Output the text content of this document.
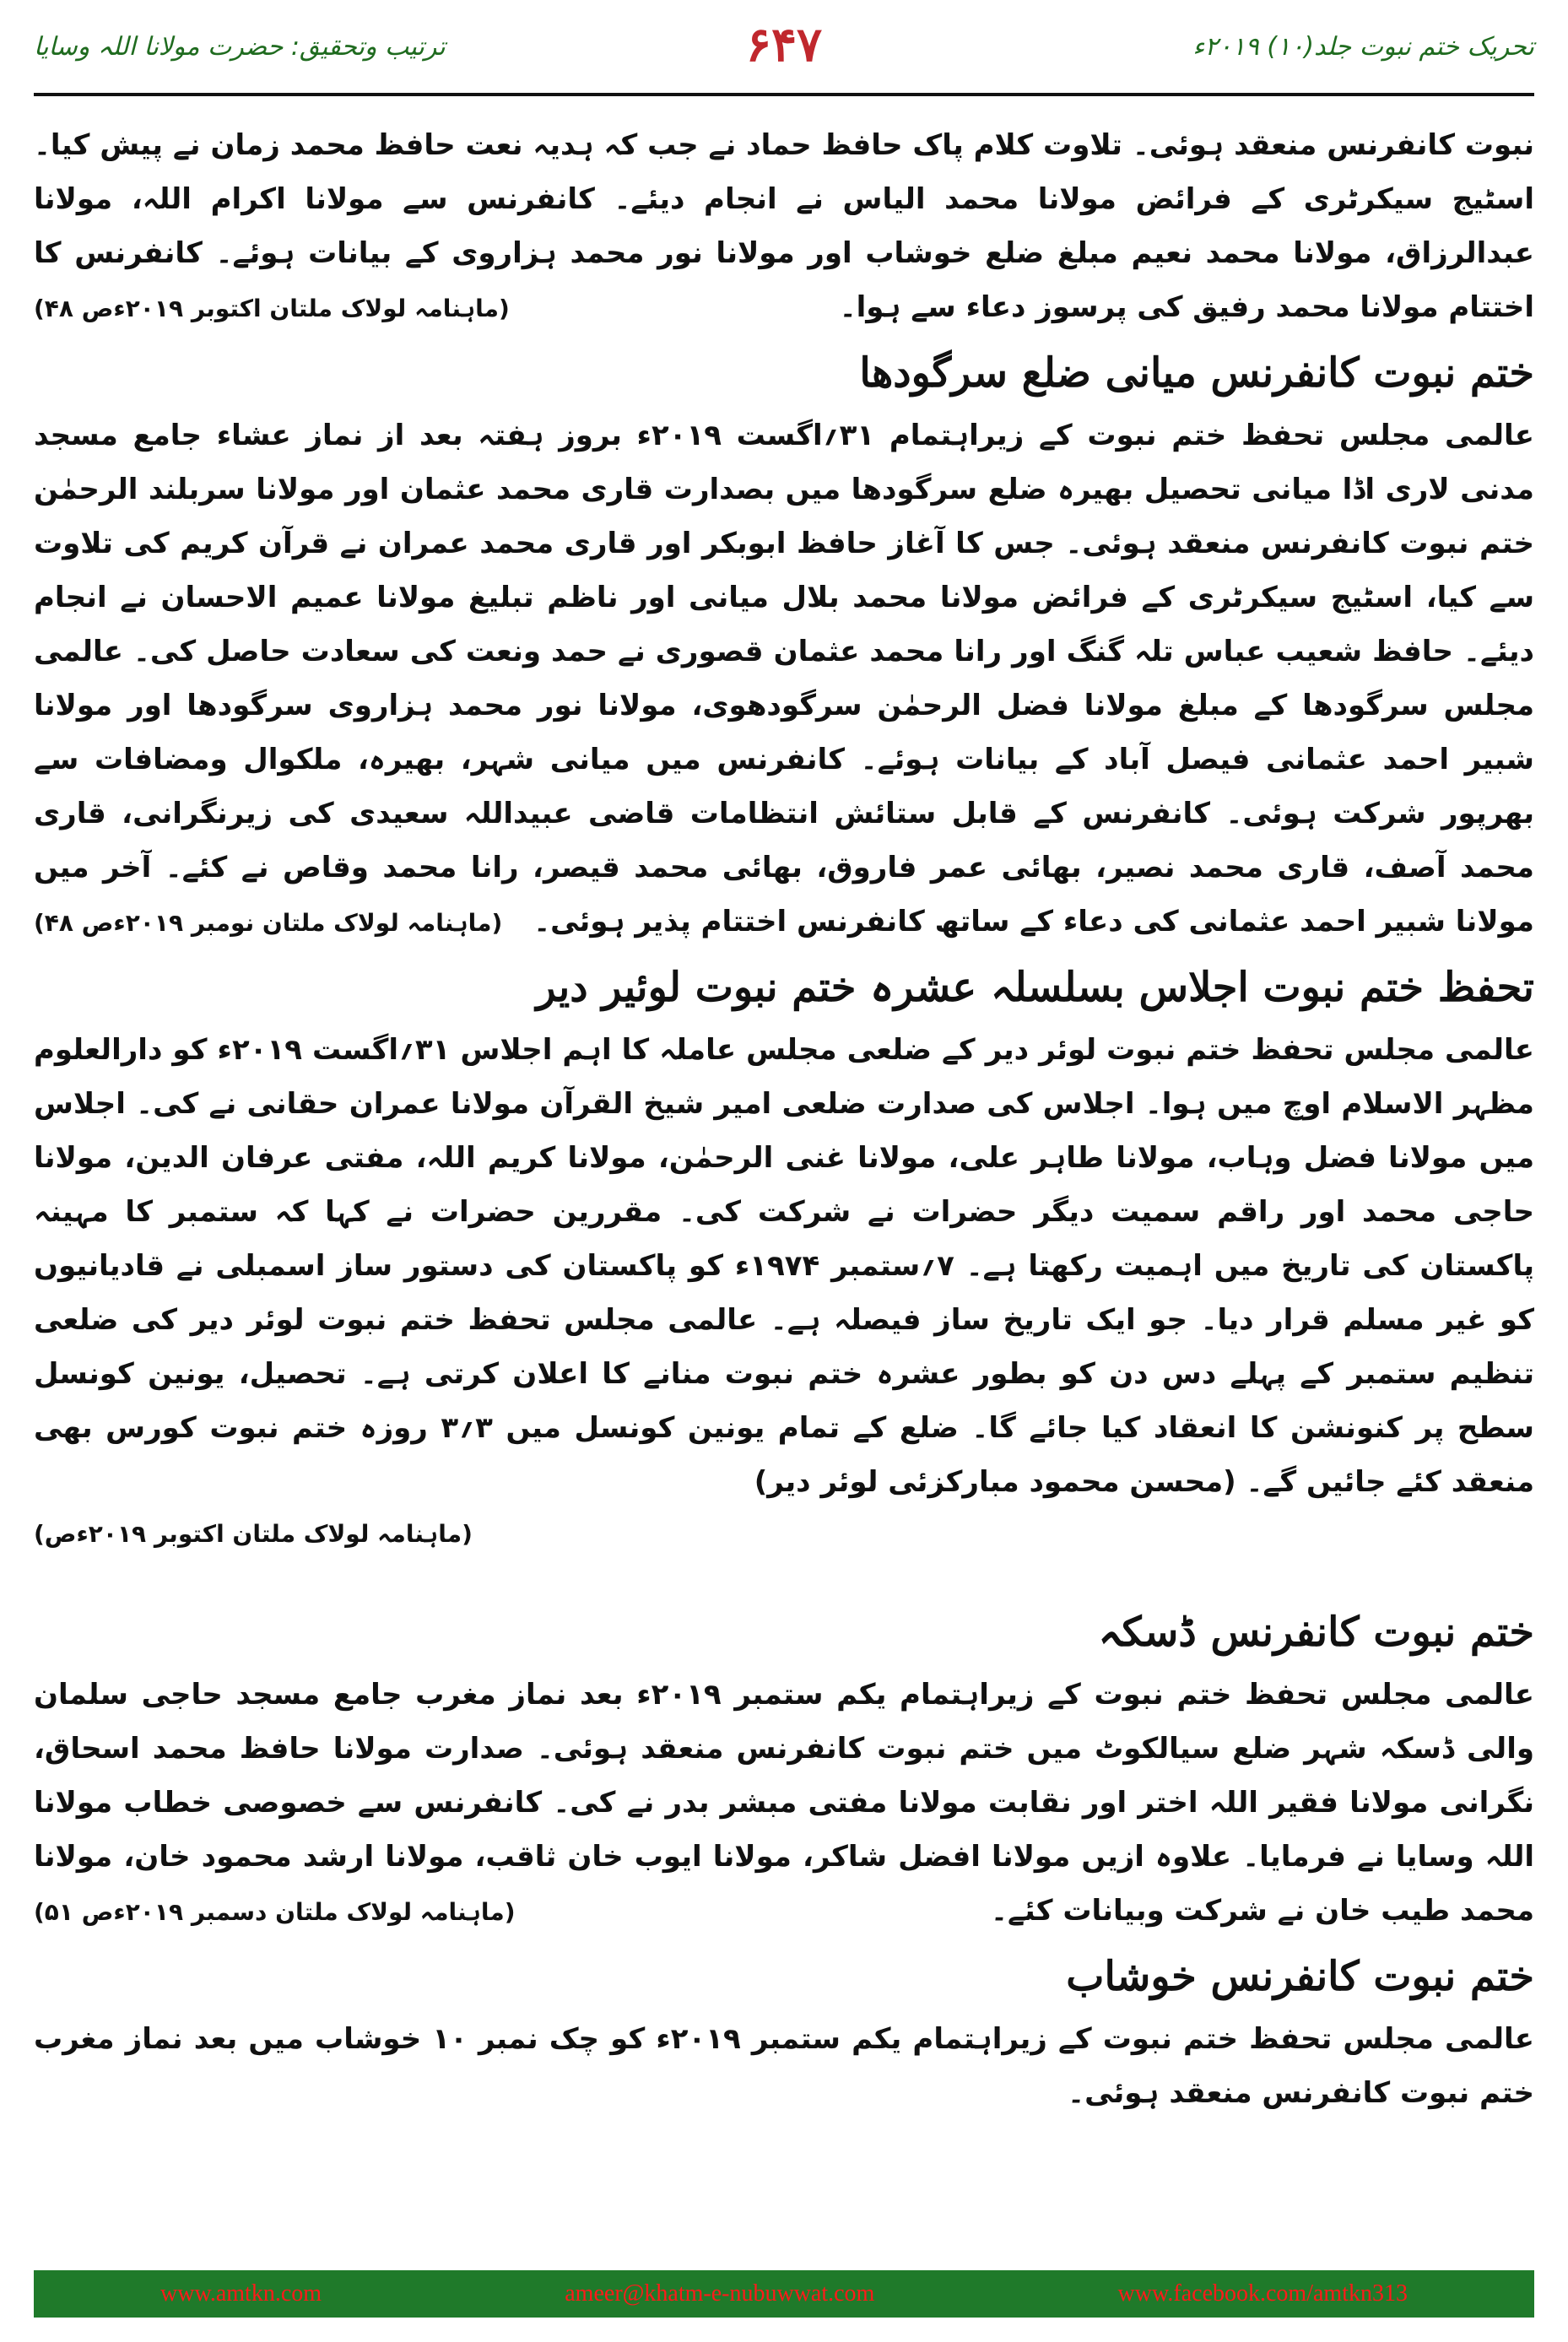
ترتیب وتحقیق: حضرت مولانا اللہ وسایا	۶۴۷	تحریک ختم نبوت جلد(۱۰) ۲۰۱۹ء

نبوت کانفرنس منعقد ہوئی۔ تلاوت کلام پاک حافظ حماد نے جب کہ ہدیہ نعت حافظ محمد زمان نے پیش کیا۔ اسٹیج سیکرٹری کے فرائض مولانا محمد الیاس نے انجام دیئے۔ کانفرنس سے مولانا اکرام اللہ، مولانا عبدالرزاق، مولانا محمد نعیم مبلغ ضلع خوشاب اور مولانا نور محمد ہزاروی کے بیانات ہوئے۔ کانفرنس کا اختتام مولانا محمد رفیق کی پرسوز دعاء سے ہوا۔

(ماہنامہ لولاک ملتان اکتوبر ۲۰۱۹ءص ۴۸)
ختم نبوت کانفرنس میانی ضلع سرگودھا

عالمی مجلس تحفظ ختم نبوت کے زیراہتمام ۳۱؍اگست ۲۰۱۹ء بروز ہفتہ بعد از نماز عشاء جامع مسجد مدنی لاری اڈا میانی تحصیل بھیرہ ضلع سرگودھا میں بصدارت قاری محمد عثمان اور مولانا سربلند الرحمٰن ختم نبوت کانفرنس منعقد ہوئی۔ جس کا آغاز حافظ ابوبکر اور قاری محمد عمران نے قرآن کریم کی تلاوت سے کیا، اسٹیج سیکرٹری کے فرائض مولانا محمد بلال میانی اور ناظم تبلیغ مولانا عمیم الاحسان نے انجام دیئے۔ حافظ شعیب عباس تلہ گنگ اور رانا محمد عثمان قصوری نے حمد ونعت کی سعادت حاصل کی۔ عالمی مجلس سرگودھا کے مبلغ مولانا فضل الرحمٰن سرگودھوی، مولانا نور محمد ہزاروی سرگودھا اور مولانا شبیر احمد عثمانی فیصل آباد کے بیانات ہوئے۔ کانفرنس میں میانی شہر، بھیرہ، ملکوال ومضافات سے بھرپور شرکت ہوئی۔ کانفرنس کے قابل ستائش انتظامات قاضی عبیداللہ سعیدی کی زیرنگرانی، قاری محمد آصف، قاری محمد نصیر، بھائی عمر فاروق، بھائی محمد قیصر، رانا محمد وقاص نے کئے۔ آخر میں مولانا شبیر احمد عثمانی کی دعاء کے ساتھ کانفرنس اختتام پذیر ہوئی۔

(ماہنامہ لولاک ملتان نومبر ۲۰۱۹ءص ۴۸)
تحفظ ختم نبوت اجلاس بسلسلہ عشرہ ختم نبوت لوئیر دیر

عالمی مجلس تحفظ ختم نبوت لوئر دیر کے ضلعی مجلس عاملہ کا اہم اجلاس ۳۱؍اگست ۲۰۱۹ء کو دارالعلوم مظہر الاسلام اوچ میں ہوا۔ اجلاس کی صدارت ضلعی امیر شیخ القرآن مولانا عمران حقانی نے کی۔ اجلاس میں مولانا فضل وہاب، مولانا طاہر علی، مولانا غنی الرحمٰن، مولانا کریم اللہ، مفتی عرفان الدین، مولانا حاجی محمد اور راقم سمیت دیگر حضرات نے شرکت کی۔ مقررین حضرات نے کہا کہ ستمبر کا مہینہ پاکستان کی تاریخ میں اہمیت رکھتا ہے۔ ۷؍ستمبر ۱۹۷۴ء کو پاکستان کی دستور ساز اسمبلی نے قادیانیوں کو غیر مسلم قرار دیا۔ جو ایک تاریخ ساز فیصلہ ہے۔ عالمی مجلس تحفظ ختم نبوت لوئر دیر کی ضلعی تنظیم ستمبر کے پہلے دس دن کو بطور عشرہ ختم نبوت منانے کا اعلان کرتی ہے۔ تحصیل، یونین کونسل سطح پر کنونشن کا انعقاد کیا جائے گا۔ ضلع کے تمام یونین کونسل میں ۳؍۳ روزہ ختم نبوت کورس بھی منعقد کئے جائیں گے۔ (محسن محمود مبارکزئی لوئر دیر)

(ماہنامہ لولاک ملتان اکتوبر ۲۰۱۹ءص)
ختم نبوت کانفرنس ڈسکہ

عالمی مجلس تحفظ ختم نبوت کے زیراہتمام یکم ستمبر ۲۰۱۹ء بعد نماز مغرب جامع مسجد حاجی سلمان والی ڈسکہ شہر ضلع سیالکوٹ میں ختم نبوت کانفرنس منعقد ہوئی۔ صدارت مولانا حافظ محمد اسحاق، نگرانی مولانا فقیر اللہ اختر اور نقابت مولانا مفتی مبشر بدر نے کی۔ کانفرنس سے خصوصی خطاب مولانا اللہ وسایا نے فرمایا۔ علاوہ ازیں مولانا افضل شاکر، مولانا ایوب خان ثاقب، مولانا ارشد محمود خان، مولانا محمد طیب خان نے شرکت وبیانات کئے۔

(ماہنامہ لولاک ملتان دسمبر ۲۰۱۹ءص ۵۱)
ختم نبوت کانفرنس خوشاب

عالمی مجلس تحفظ ختم نبوت کے زیراہتمام یکم ستمبر ۲۰۱۹ء کو چک نمبر ۱۰ خوشاب میں بعد نماز مغرب ختم نبوت کانفرنس منعقد ہوئی۔

www.amtkn.com	ameer@khatm-e-nubuwwat.com	www.facebook.com/amtkn313
